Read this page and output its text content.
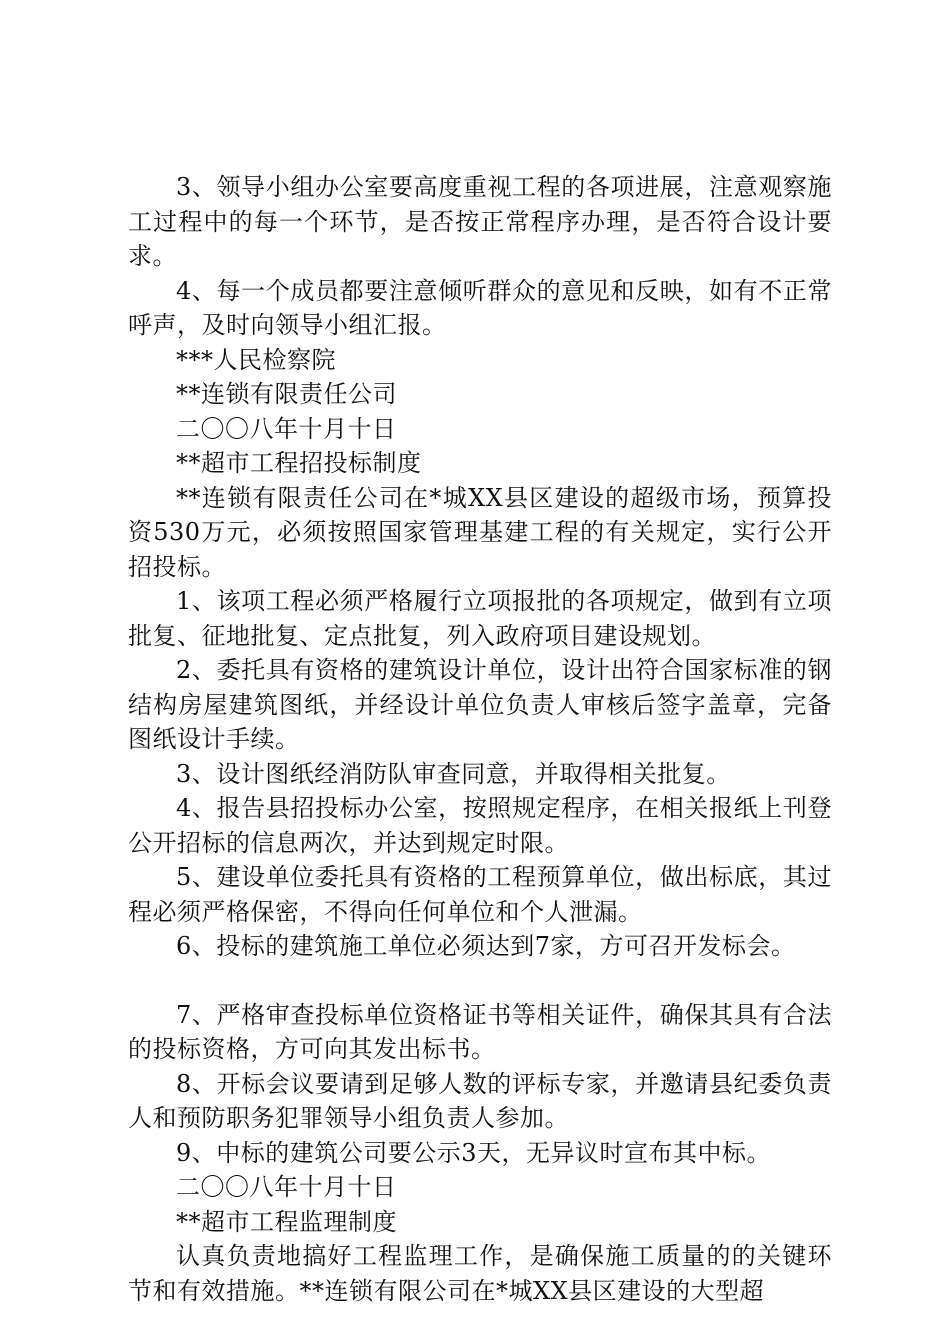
3、领导小组办公室要高度重视工程的各项进展，注意观察施工过程中的每一个环节，是否按正常程序办理，是否符合设计要求。

4、每一个成员都要注意倾听群众的意见和反映，如有不正常呼声，及时向领导小组汇报。

***人民检察院

**连锁有限责任公司

二〇〇八年十月十日

**超市工程招投标制度

**连锁有限责任公司在*城XX县区建设的超级市场，预算投资530万元，必须按照国家管理基建工程的有关规定，实行公开招投标。

1、该项工程必须严格履行立项报批的各项规定，做到有立项批复、征地批复、定点批复，列入政府项目建设规划。

2、委托具有资格的建筑设计单位，设计出符合国家标准的钢结构房屋建筑图纸，并经设计单位负责人审核后签字盖章，完备图纸设计手续。

3、设计图纸经消防队审查同意，并取得相关批复。

4、报告县招投标办公室，按照规定程序，在相关报纸上刊登公开招标的信息两次，并达到规定时限。

5、建设单位委托具有资格的工程预算单位，做出标底，其过程必须严格保密，不得向任何单位和个人泄漏。

6、投标的建筑施工单位必须达到7家，方可召开发标会。

7、严格审查投标单位资格证书等相关证件，确保其具有合法的投标资格，方可向其发出标书。

8、开标会议要请到足够人数的评标专家，并邀请县纪委负责人和预防职务犯罪领导小组负责人参加。

9、中标的建筑公司要公示3天，无异议时宣布其中标。

二〇〇八年十月十日

**超市工程监理制度

认真负责地搞好工程监理工作，是确保施工质量的的关键环节和有效措施。**连锁有限公司在*城XX县区建设的大型超
